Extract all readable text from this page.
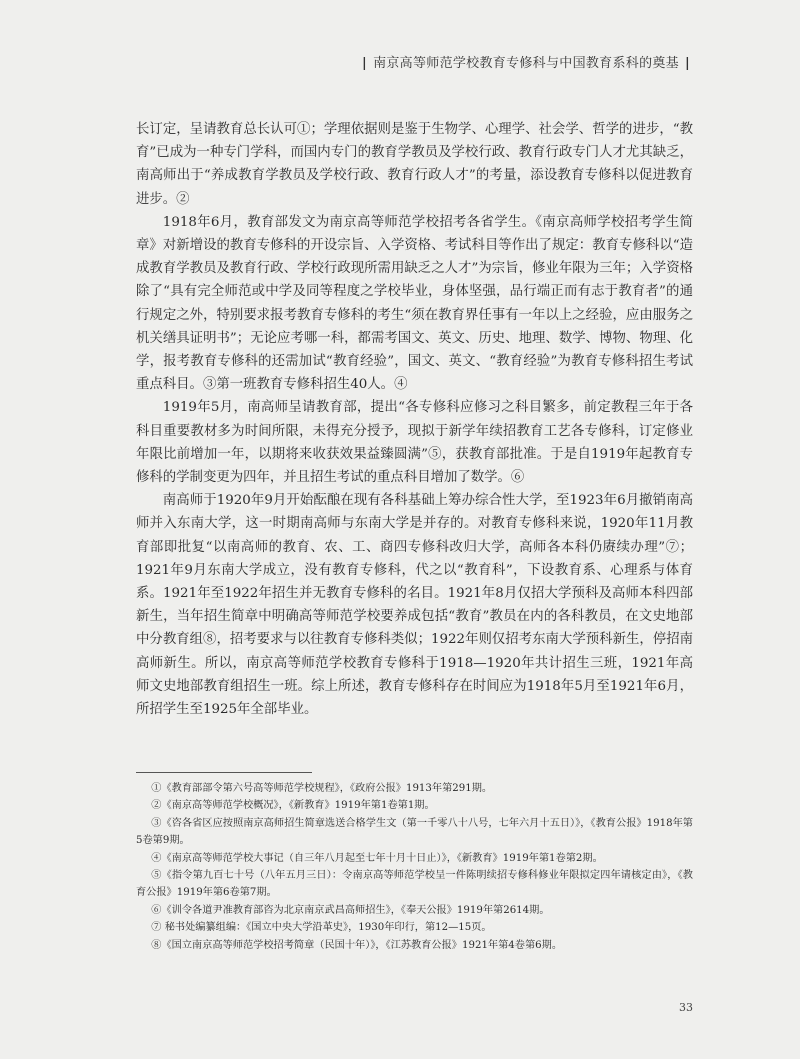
| 南京高等师范学校教育专修科与中国教育系科的奠基 |

长订定，呈请教育总长认可①；学理依据则是鉴于生物学、心理学、社会学、哲学的进步，“教育”已成为一种专门学科，而国内专门的教育学教员及学校行政、教育行政专门人才尤其缺乏，南高师出于“养成教育学教员及学校行政、教育行政人才”的考量，添设教育专修科以促进教育进步。②

1918年6月，教育部发文为南京高等师范学校招考各省学生。《南京高师学校招考学生简章》对新增设的教育专修科的开设宗旨、入学资格、考试科目等作出了规定：教育专修科以“造成教育学教员及教育行政、学校行政现所需用缺乏之人才”为宗旨，修业年限为三年；入学资格除了“具有完全师范或中学及同等程度之学校毕业，身体坚强，品行端正而有志于教育者”的通行规定之外，特别要求报考教育专修科的考生“须在教育界任事有一年以上之经验，应由服务之机关缮具证明书”；无论应考哪一科，都需考国文、英文、历史、地理、数学、博物、物理、化学，报考教育专修科的还需加试“教育经验”，国文、英文、“教育经验”为教育专修科招生考试重点科目。③第一班教育专修科招生40人。④

1919年5月，南高师呈请教育部，提出“各专修科应修习之科目繁多，前定教程三年于各科目重要教材多为时间所限，未得充分授予，现拟于新学年续招教育工艺各专修科，订定修业年限比前增加一年，以期将来收获效果益臻圆满”⑤，获教育部批准。于是自1919年起教育专修科的学制变更为四年，并且招生考试的重点科目增加了数学。⑥

南高师于1920年9月开始酝酿在现有各科基础上筹办综合性大学，至1923年6月撤销南高师并入东南大学，这一时期南高师与东南大学是并存的。对教育专修科来说，1920年11月教育部即批复“以南高师的教育、农、工、商四专修科改归大学，高师各本科仍赓续办理”⑦；1921年9月东南大学成立，没有教育专修科，代之以“教育科”，下设教育系、心理系与体育系。1921年至1922年招生并无教育专修科的名目。1921年8月仅招大学预科及高师本科四部新生，当年招生简章中明确高等师范学校要养成包括“教育”教员在内的各科教员，在文史地部中分教育组⑧，招考要求与以往教育专修科类似；1922年则仅招考东南大学预科新生，停招南高师新生。所以，南京高等师范学校教育专修科于1918—1920年共计招生三班，1921年高师文史地部教育组招生一班。综上所述，教育专修科存在时间应为1918年5月至1921年6月，所招学生至1925年全部毕业。

①《教育部部令第六号高等师范学校规程》，《政府公报》1913年第291期。

②《南京高等师范学校概况》，《新教育》1919年第1卷第1期。

③《咨各省区应按照南京高师招生简章选送合格学生文（第一千零八十八号，七年六月十五日）》，《教育公报》1918年第5卷第9期。

④《南京高等师范学校大事记（自三年八月起至七年十月十日止）》，《新教育》1919年第1卷第2期。

⑤《指令第九百七十号（八年五月三日）：令南京高等师范学校呈一件陈明续招专修科修业年限拟定四年请核定由》，《教育公报》1919年第6卷第7期。

⑥《训令各道尹准教育部咨为北京南京武昌高师招生》，《奉天公报》1919年第2614期。

⑦ 秘书处编纂组编：《国立中央大学沿革史》，1930年印行，第12—15页。

⑧《国立南京高等师范学校招考简章（民国十年）》，《江苏教育公报》1921年第4卷第6期。

33
